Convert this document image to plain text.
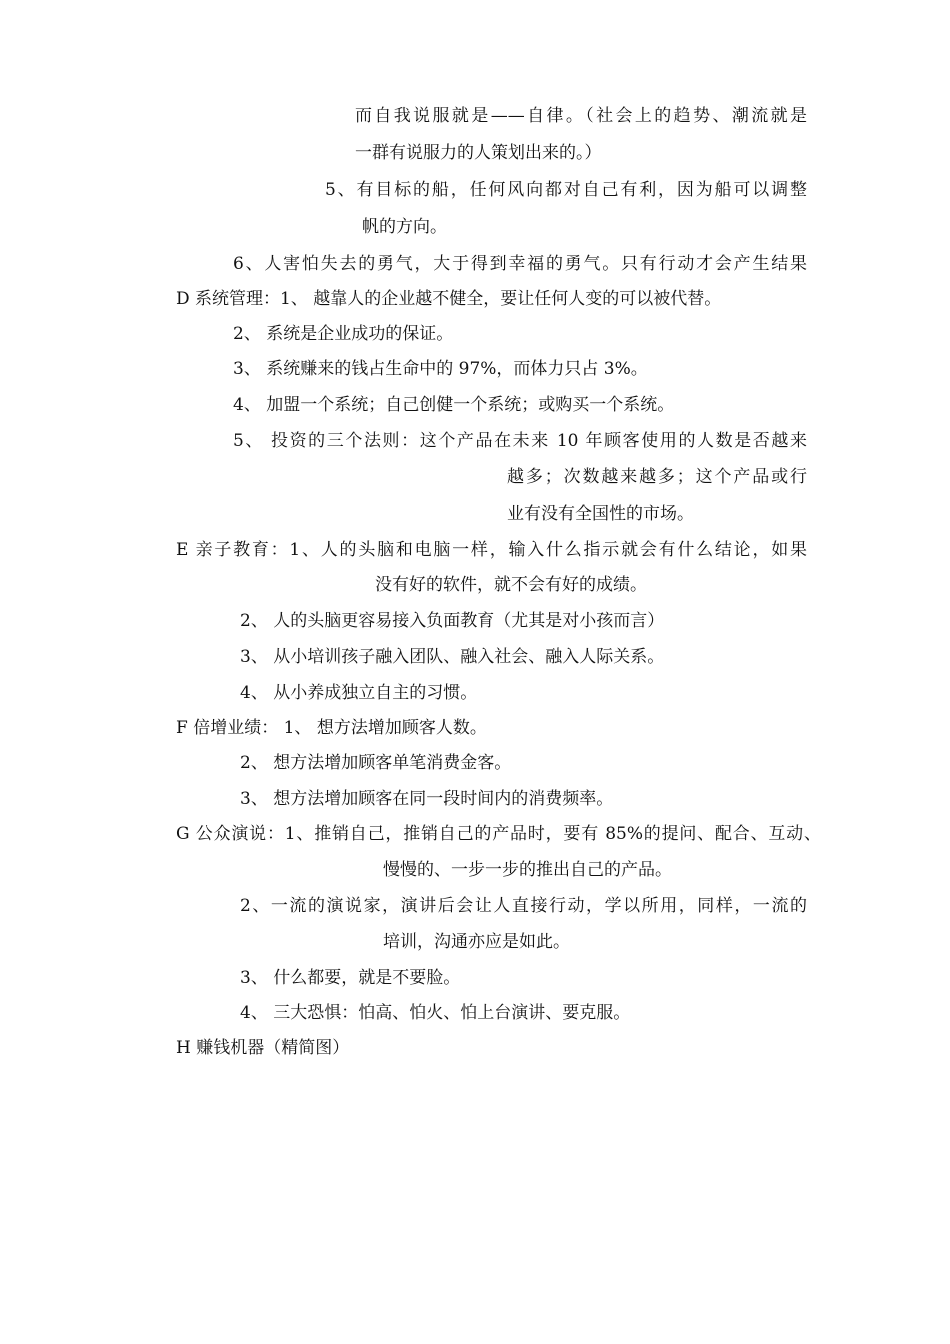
而自我说服就是——自律。（社会上的趋势、潮流就是
一群有说服力的人策划出来的。）
5、有目标的船，任何风向都对自己有利，因为船可以调整
帆的方向。
6、人害怕失去的勇气，大于得到幸福的勇气。只有行动才会产生结果
D 系统管理：1、 越靠人的企业越不健全，要让任何人变的可以被代替。
2、 系统是企业成功的保证。
3、 系统赚来的钱占生命中的 97%，而体力只占 3%。
4、 加盟一个系统；自己创健一个系统；或购买一个系统。
5、 投资的三个法则：这个产品在未来 10 年顾客使用的人数是否越来
越多；次数越来越多；这个产品或行
业有没有全国性的市场。
E 亲子教育：1、人的头脑和电脑一样，输入什么指示就会有什么结论，如果
没有好的软件，就不会有好的成绩。
2、 人的头脑更容易接入负面教育（尤其是对小孩而言）
3、 从小培训孩子融入团队、融入社会、融入人际关系。
4、 从小养成独立自主的习惯。
F 倍增业绩： 1、 想方法增加顾客人数。
2、 想方法增加顾客单笔消费金客。
3、 想方法增加顾客在同一段时间内的消费频率。
G 公众演说：1、推销自己，推销自己的产品时，要有 85%的提问、配合、互动、
慢慢的、一步一步的推出自己的产品。
2、一流的演说家，演讲后会让人直接行动，学以所用，同样，一流的
培训，沟通亦应是如此。
3、 什么都要，就是不要脸。
4、 三大恐惧：怕高、怕火、怕上台演讲、要克服。
H 赚钱机器（精简图）
